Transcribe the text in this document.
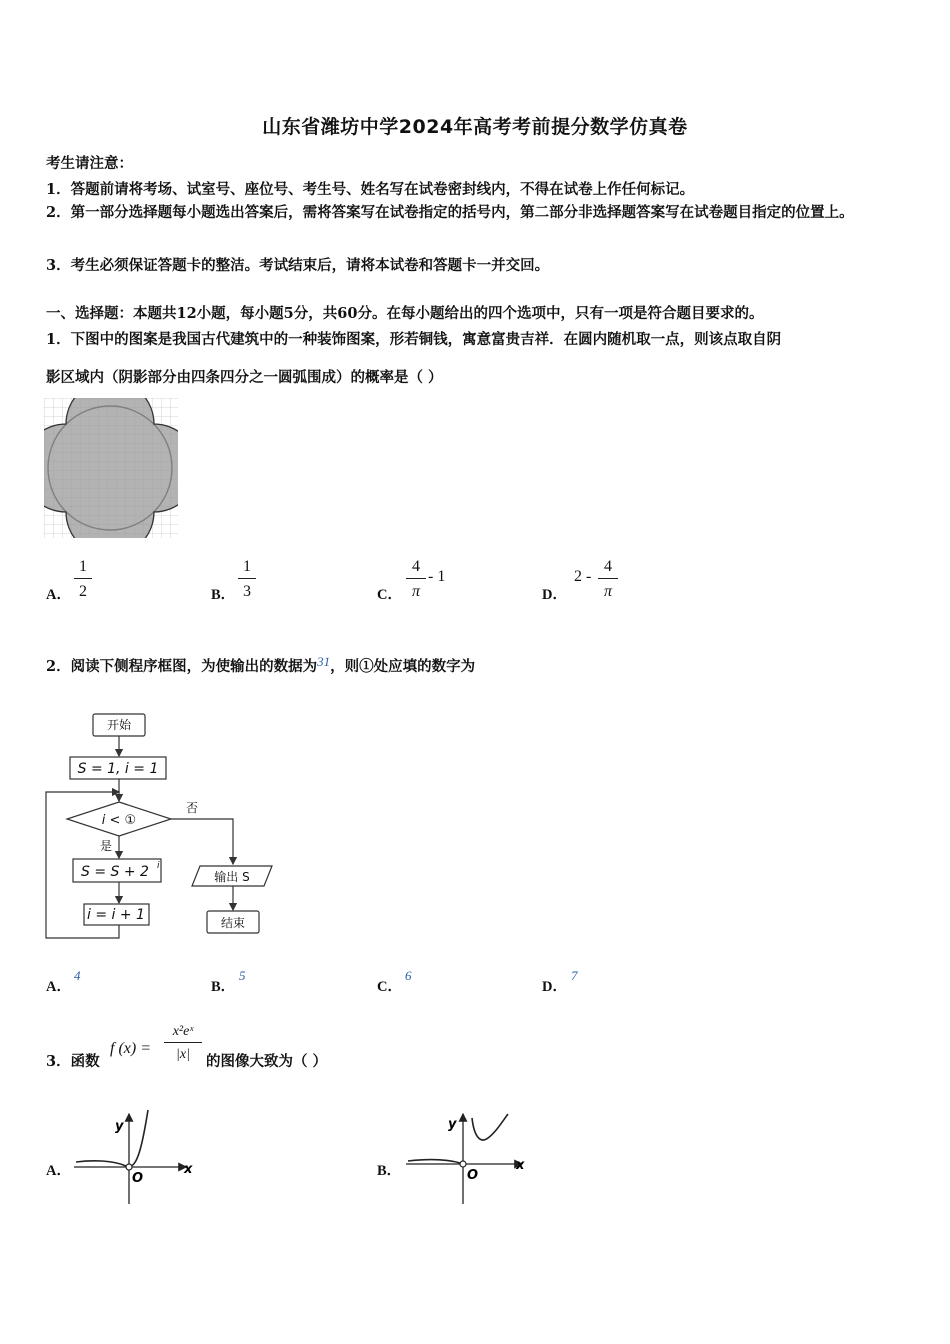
山东省潍坊中学2024年高考考前提分数学仿真卷
考生请注意：
1．答题前请将考场、试室号、座位号、考生号、姓名写在试卷密封线内，不得在试卷上作任何标记。
2．第一部分选择题每小题选出答案后，需将答案写在试卷指定的括号内，第二部分非选择题答案写在试卷题目指定的位置上。
3．考生必须保证答题卡的整洁。考试结束后，请将本试卷和答题卡一并交回。
一、选择题：本题共12小题，每小题5分，共60分。在每小题给出的四个选项中，只有一项是符合题目要求的。
1．下图中的图案是我国古代建筑中的一种装饰图案，形若铜钱，寓意富贵吉祥．在圆内随机取一点，则该点取自阴
影区域内（阴影部分由四条四分之一圆弧围成）的概率是（ ）
A． $\frac{1}{2}$	B． $\frac{1}{3}$	C． $\frac{4}{\pi} - 1$
D．
$2 - \frac{4}{\pi}$
2．阅读下侧程序框图，为使输出的数据为31，则①处应填的数字为
开始
S = 1, i = 1
i < ①
否
是
S = S + 2 i
i = i + 1
输出 S
结束
A．
4
B．
5
C．
6
D．
7
3．函数
f $(x) = \frac{\text{x²eˣ}}{|x|}$ 的图像大致为（ ）
A．
y
x
O	B．
y
x
O
